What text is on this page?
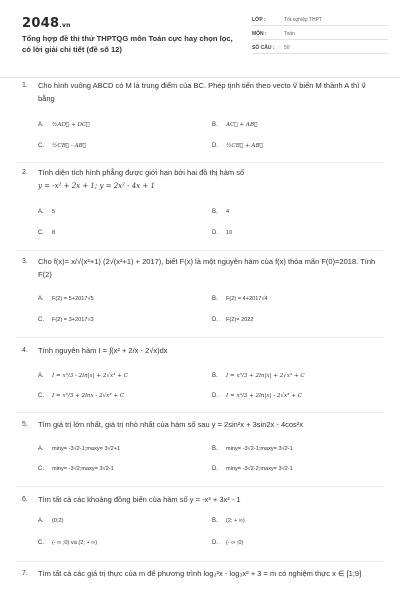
2048.vn
Tổng hợp đề thi thử THPTQG môn Toán cực hay chọn lọc, có lời giải chi tiết (đề số 12)
LỚP :	Tốt nghiệp THPT
MÔN :	Toán
SỐ CÂU : 50
1. Cho hình vuông ABCD có M là trung điểm của BC. Phép tịnh tiến theo vecto v⃗ biến M thành A thì v⃗ bằng
A. ½AD⃗ + DC⃗	B. AC⃗ + AB⃗
C. ½CB⃗ - AB⃗	D. ½CB⃗ + AB⃗
2. Tính diện tích hình phẳng được giới hạn bởi hai đồ thị hàm số
y = -x² + 2x + 1; y = 2x² - 4x + 1
A. 5	B. 4
C. 8	D. 10
3. Cho f(x)= x/√(x²+1) (2√(x²+1) + 2017), biết F(x) là một nguyên hàm của f(x) thỏa mãn F(0)=2018. Tính F(2)
A. F(2) = 5+2017√5	B. F(2) = 4+2017√4
C. F(2) = 3+2017√3	D. F(2)= 2022
4. Tính nguyên hàm I = ∫(x² + 2/x - 2√x)dx
A. I = x³/3 - 2ln|x| + 2√x³ + C	B. I = x³/3 + 2ln|x| + 2√x³ + C
C. I = x³/3 + 2lnx - 2√x³ + C	D. I = x³/3 + 2ln|x| - 2√x³ + C
5. Tìm giá trị lớn nhất, giá trị nhỏ nhất của hàm số sau y = 2sin²x + 3sin2x - 4cos²x
A. miny= -3√2-1;maxy= 3√2+1	B. miny= -3√2-1;maxy= 3√2-1
C. miny= -3√2;maxy= 3√2-1	D. miny= -3√2-2;maxy= 3√2-1
6. Tìm tất cả các khoảng đồng biến của hàm số y = -x³ + 3x² - 1
A. (0;2)	B. (2; + ∞)
C. (- ∞ ;0) và (2; + ∞)	D. (- ∞ ;0)
7. Tìm tất cả các giá trị thực của m để phương trình log₃²x - log₃x² + 3 = m có nghiệm thực x ∈ [1;9]
